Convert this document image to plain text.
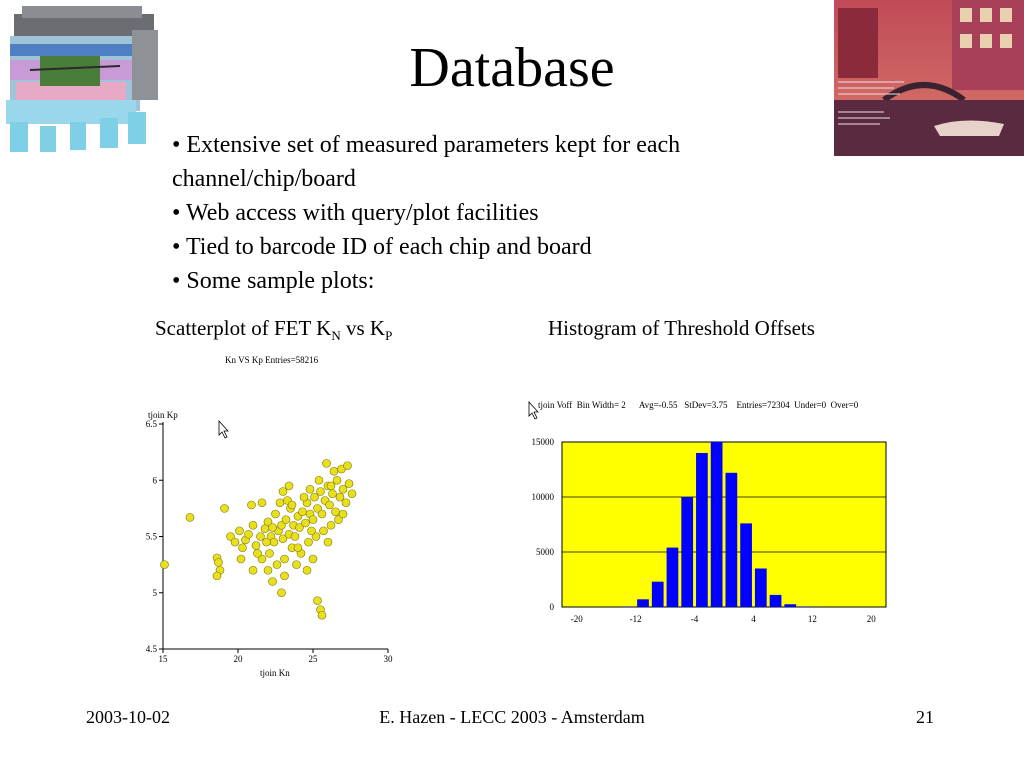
Database
• Extensive set of measured parameters kept for each
channel/chip/board
• Web access with query/plot facilities
• Tied to barcode ID of each chip and board
• Some sample plots:
Scatterplot of FET $K_N$ vs $K_P$	Histogram of Threshold Offsets
Kn VS Kp Entries=58216
tjoin Kp
tjoin Kn
15	20	25	30
4.5
5
5.5
6
6.5
tjoin Voff  Bin Width= 2      Avg=-0.55   StDev=3.75    Entries=72304  Under=0  Over=0
0
5000
10000
15000
-20	-12	-4	4	12	20
2003-10-02	E. Hazen - LECC 2003 - Amsterdam	21
